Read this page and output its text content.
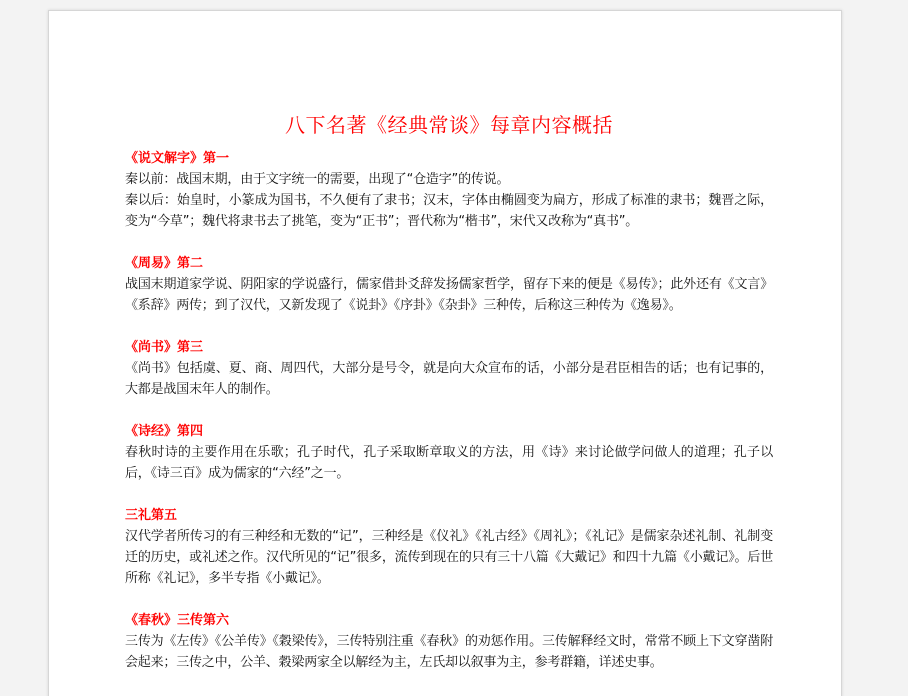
八下名著《经典常谈》每章内容概括
《说文解字》第一
秦以前：战国末期，由于文字统一的需要，出现了“仓造字”的传说。
秦以后：始皇时，小篆成为国书，不久便有了隶书；汉末，字体由椭圆变为扁方，形成了标准的隶书；魏晋之际，变为“今草”；魏代将隶书去了挑笔，变为“正书”；晋代称为“楷书”，宋代又改称为“真书”。
《周易》第二
战国末期道家学说、阴阳家的学说盛行，儒家借卦爻辞发扬儒家哲学，留存下来的便是《易传》；此外还有《文言》《系辞》两传；到了汉代，又新发现了《说卦》《序卦》《杂卦》三种传，后称这三种传为《逸易》。
《尚书》第三
《尚书》包括虞、夏、商、周四代，大部分是号令，就是向大众宣布的话，小部分是君臣相告的话；也有记事的，大都是战国末年人的制作。
《诗经》第四
春秋时诗的主要作用在乐歌；孔子时代，孔子采取断章取义的方法，用《诗》来讨论做学问做人的道理；孔子以后，《诗三百》成为儒家的“六经”之一。
三礼第五
汉代学者所传习的有三种经和无数的“记”，三种经是《仪礼》《礼古经》《周礼》；《礼记》是儒家杂述礼制、礼制变迁的历史，或礼述之作。汉代所见的“记”很多，流传到现在的只有三十八篇《大戴记》和四十九篇《小戴记》。后世所称《礼记》，多半专指《小戴记》。
《春秋》三传第六
三传为《左传》《公羊传》《穀梁传》，三传特别注重《春秋》的劝惩作用。三传解释经文时，常常不顾上下文穿凿附会起来；三传之中，公羊、穀梁两家全以解经为主，左氏却以叙事为主，参考群籍，详述史事。
